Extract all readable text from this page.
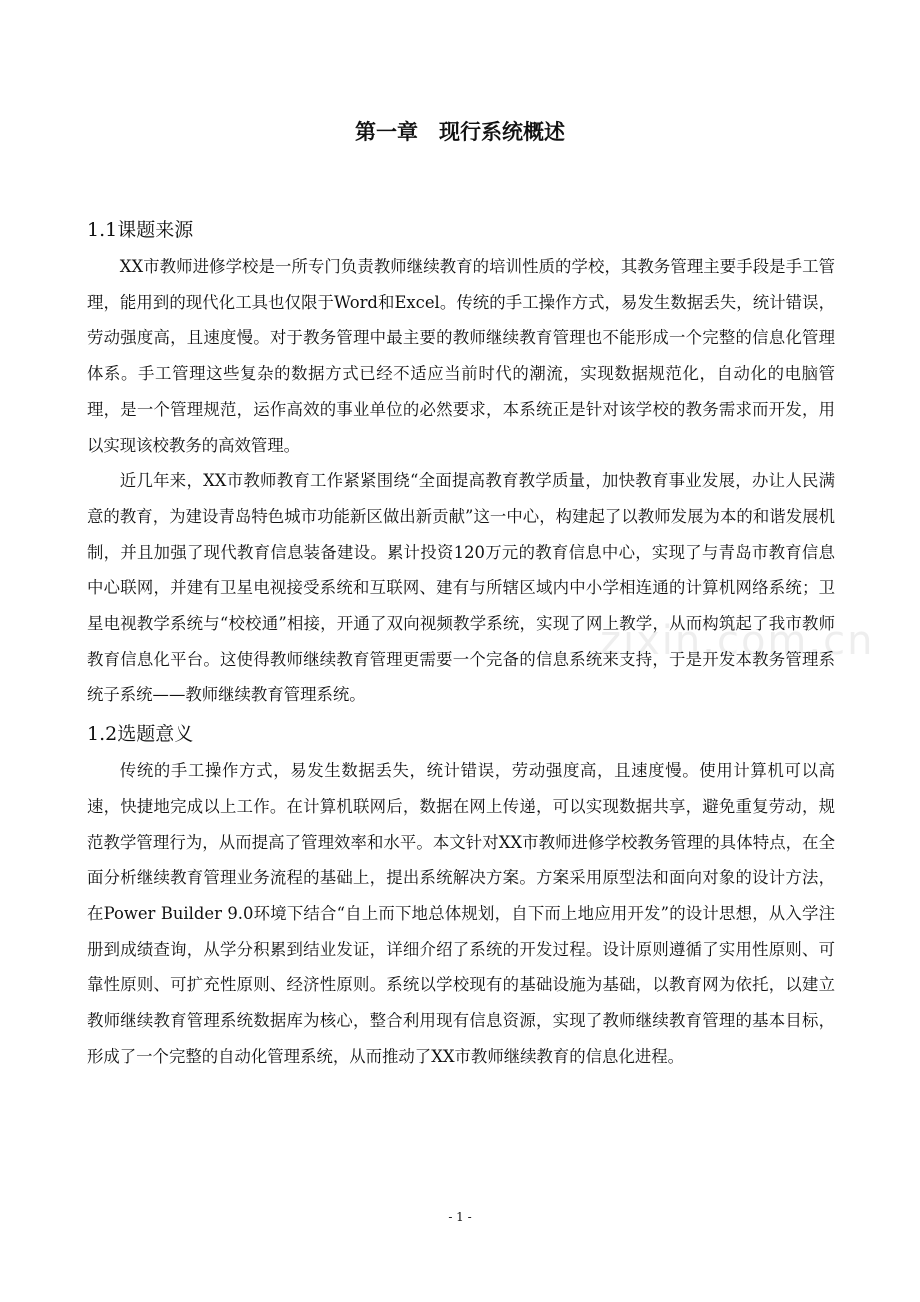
zixin.com.cn
第一章　现行系统概述
1.1课题来源

XX市教师进修学校是一所专门负责教师继续教育的培训性质的学校，其教务管理主要手段是手工管理，能用到的现代化工具也仅限于Word和Excel。传统的手工操作方式，易发生数据丢失，统计错误，劳动强度高，且速度慢。对于教务管理中最主要的教师继续教育管理也不能形成一个完整的信息化管理体系。手工管理这些复杂的数据方式已经不适应当前时代的潮流，实现数据规范化，自动化的电脑管理，是一个管理规范，运作高效的事业单位的必然要求，本系统正是针对该学校的教务需求而开发，用以实现该校教务的高效管理。

近几年来，XX市教师教育工作紧紧围绕“全面提高教育教学质量，加快教育事业发展，办让人民满意的教育，为建设青岛特色城市功能新区做出新贡献”这一中心，构建起了以教师发展为本的和谐发展机制，并且加强了现代教育信息装备建设。累计投资120万元的教育信息中心，实现了与青岛市教育信息中心联网，并建有卫星电视接受系统和互联网、建有与所辖区域内中小学相连通的计算机网络系统；卫星电视教学系统与“校校通”相接，开通了双向视频教学系统，实现了网上教学，从而构筑起了我市教师教育信息化平台。这使得教师继续教育管理更需要一个完备的信息系统来支持，于是开发本教务管理系统子系统——教师继续教育管理系统。

1.2选题意义

传统的手工操作方式，易发生数据丢失，统计错误，劳动强度高，且速度慢。使用计算机可以高速，快捷地完成以上工作。在计算机联网后，数据在网上传递，可以实现数据共享，避免重复劳动，规范教学管理行为，从而提高了管理效率和水平。本文针对XX市教师进修学校教务管理的具体特点，在全面分析继续教育管理业务流程的基础上，提出系统解决方案。方案采用原型法和面向对象的设计方法，在Power Builder 9.0环境下结合“自上而下地总体规划，自下而上地应用开发”的设计思想，从入学注册到成绩查询，从学分积累到结业发证，详细介绍了系统的开发过程。设计原则遵循了实用性原则、可靠性原则、可扩充性原则、经济性原则。系统以学校现有的基础设施为基础，以教育网为依托，以建立教师继续教育管理系统数据库为核心，整合利用现有信息资源，实现了教师继续教育管理的基本目标，形成了一个完整的自动化管理系统，从而推动了XX市教师继续教育的信息化进程。

- 1 -
